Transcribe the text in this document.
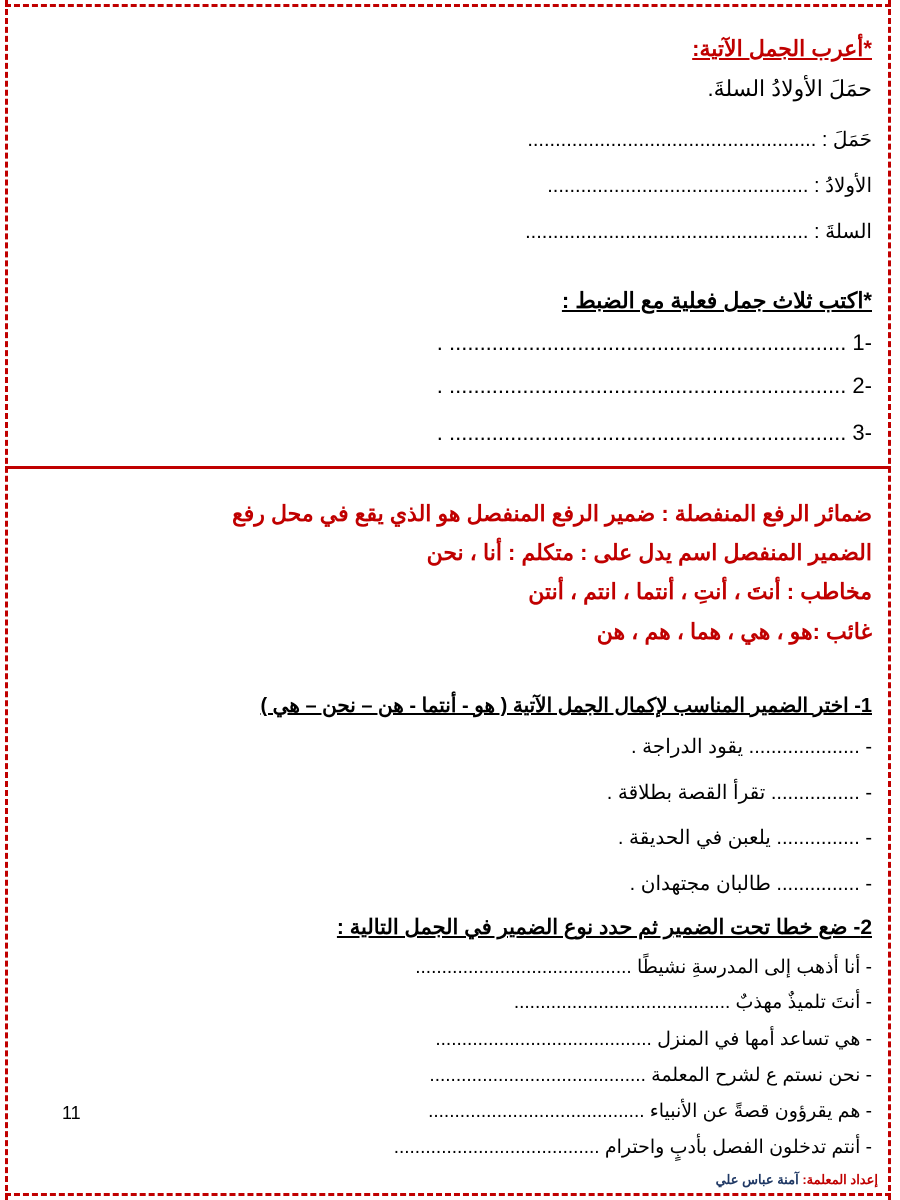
*أعرب الجمل الآتية:
حمَلَ الأولادُ السلةَ.
حَمَلَ : ....................................................
الأولادُ : ...............................................
السلةَ : ...................................................
*اكتب ثلاث جمل فعلية مع الضبط :
-1 ................................................................. .
-2 ................................................................. .
-3 ................................................................. .
ضمائر الرفع المنفصلة : ضمير الرفع المنفصل هو الذي يقع في محل رفع
الضمير المنفصل اسم يدل على : متكلم : أنا ، نحن
مخاطب : أنتَ ، أنتِ ، أنتما ، انتم ، أنتن
غائب :هو ، هي ، هما ، هم ، هن
1- اختر الضمير المناسب لإكمال الجمل الآتية ( هو - أنتما - هن – نحن – هي )
- .................... يقود الدراجة .
- ................ تقرأ القصة بطلاقة .
- ............... يلعبن في الحديقة .
- ............... طالبان مجتهدان .
2- ضع خطا تحت الضمير ثم حدد نوع الضمير في الجمل التالية :
- أنا أذهب إلى المدرسةِ نشيطًا .........................................
- أنتَ تلميذٌ مهذبٌ .........................................
- هي تساعد أمها في المنزل .........................................
- نحن نستم ع لشرح المعلمة .........................................
- هم يقرؤون قصةً عن الأنبياء .........................................
- أنتم تدخلون الفصل بأدبٍ واحترام .......................................
11
إعداد المعلمة: آمنة عباس علي
